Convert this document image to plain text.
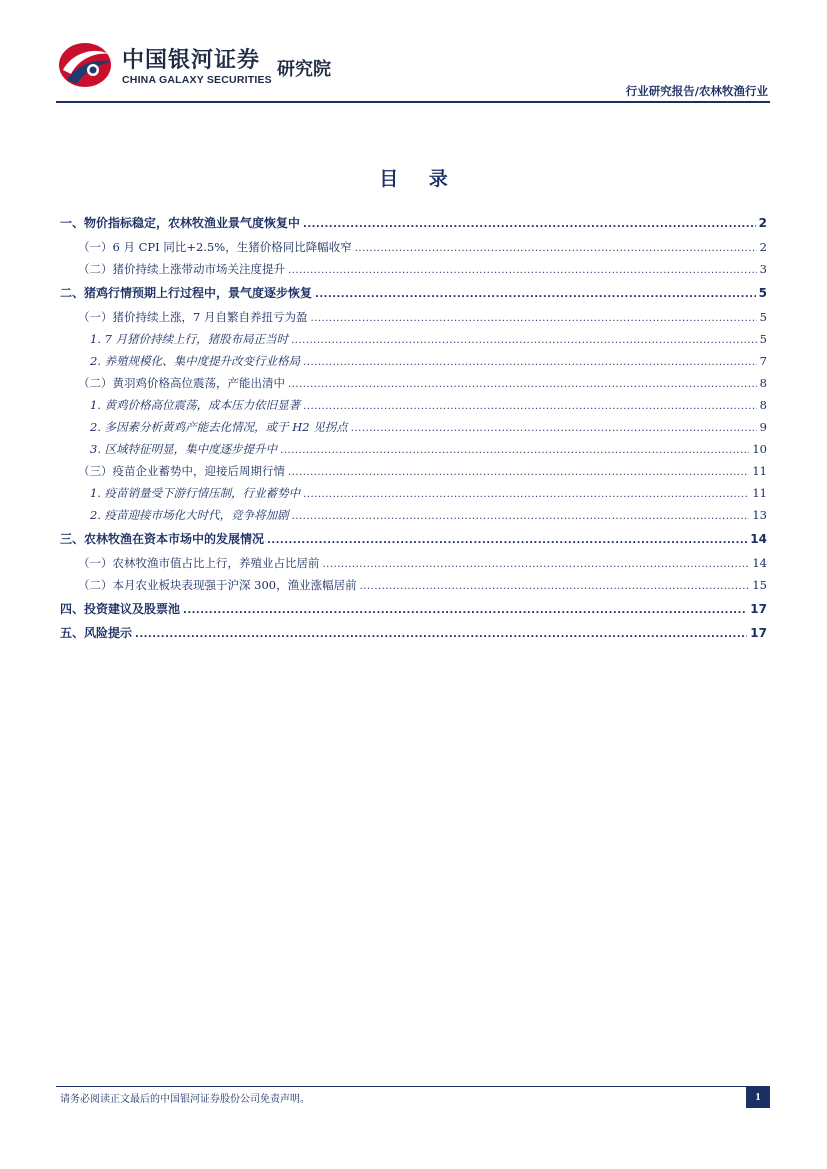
中国银河证券
CHINA GALAXY SECURITIES 研究院
行业研究报告/农林牧渔行业
目 录
一、物价指标稳定，农林牧渔业景气度恢复中 .....	2
（一）6 月 CPI 同比+2.5%，生猪价格同比降幅收窄 .....	2
（二）猪价持续上涨带动市场关注度提升 .....	3
二、猪鸡行情预期上行过程中，景气度逐步恢复 .....	5
（一）猪价持续上涨，7 月自繁自养扭亏为盈 .....	5
1. 7 月猪价持续上行，猪股布局正当时 .....	5
2. 养殖规模化、集中度提升改变行业格局 .....	7
（二）黄羽鸡价格高位震荡，产能出清中 .....	8
1. 黄鸡价格高位震荡，成本压力依旧显著 .....	8
2. 多因素分析黄鸡产能去化情况，或于 H2 见拐点 .....	9
3. 区域特征明显，集中度逐步提升中 .....	10
（三）疫苗企业蓄势中，迎接后周期行情 .....	11
1. 疫苗销量受下游行情压制，行业蓄势中 .....	11
2. 疫苗迎接市场化大时代，竞争将加剧 .....	13
三、农林牧渔在资本市场中的发展情况 .....	14
（一）农林牧渔市值占比上行，养殖业占比居前 .....	14
（二）本月农业板块表现强于沪深 300，渔业涨幅居前 .....	15
四、投资建议及股票池 .....	17
五、风险提示 .....	17
请务必阅读正文最后的中国银河证券股份公司免责声明。	1
